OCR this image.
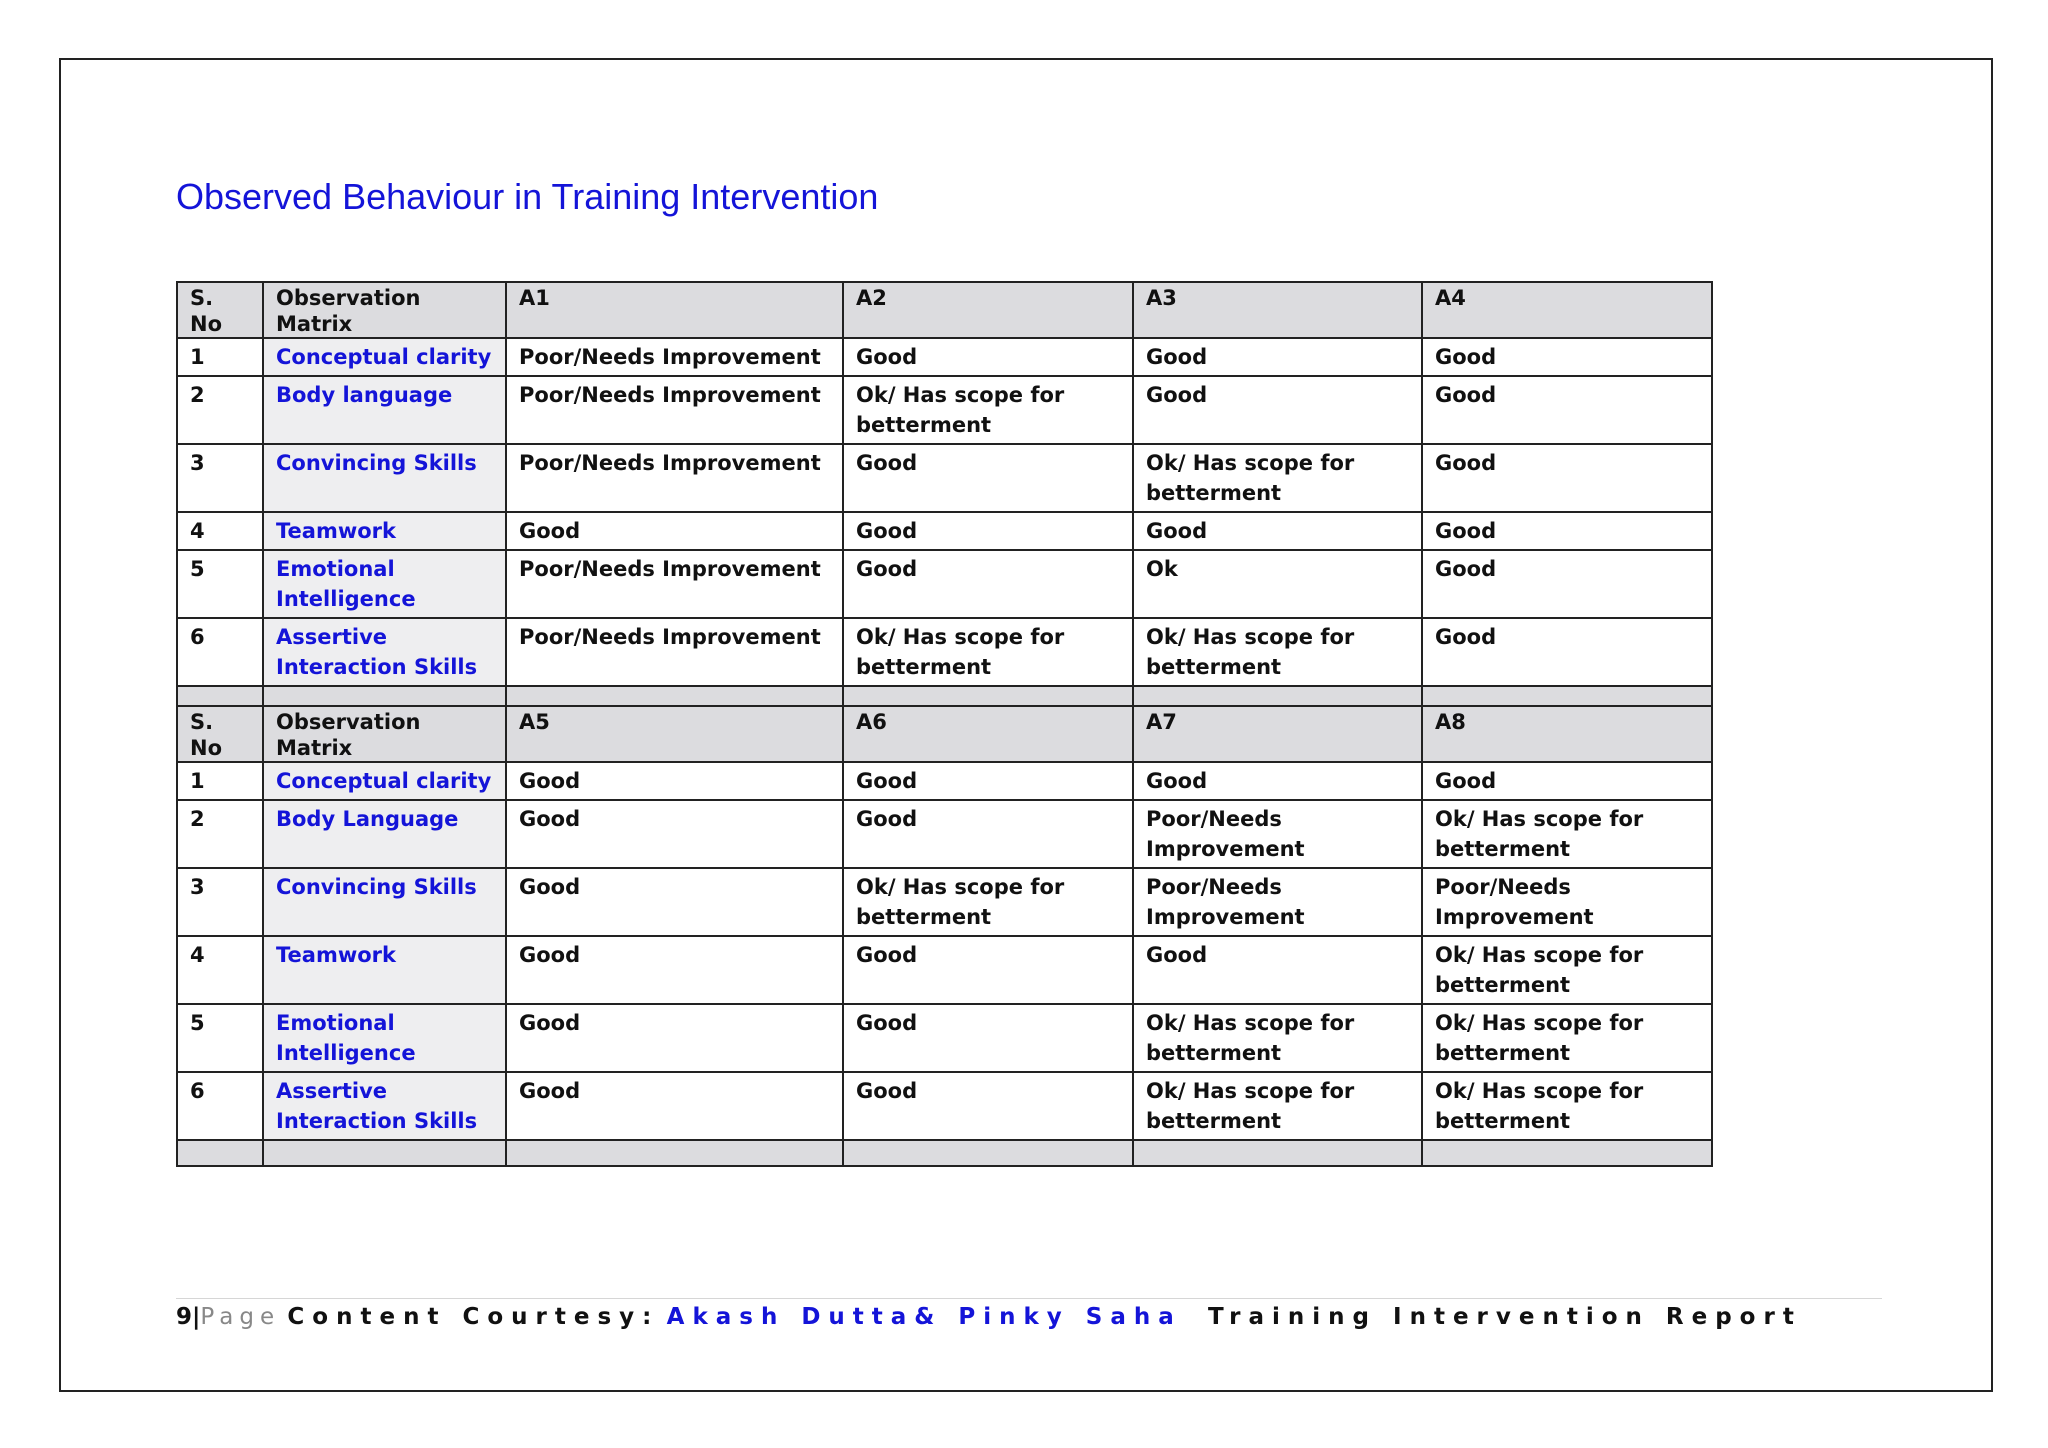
Observed Behaviour in Training Intervention
S. No	Observation Matrix	A1	A2	A3	A4
1	Conceptual clarity	Poor/Needs Improvement	Good	Good	Good
2	Body language	Poor/Needs Improvement	Ok/ Has scope for betterment	Good	Good
3	Convincing Skills	Poor/Needs Improvement	Good	Ok/ Has scope for betterment	Good
4	Teamwork	Good	Good	Good	Good
5	Emotional Intelligence	Poor/Needs Improvement	Good	Ok	Good
6	Assertive Interaction Skills	Poor/Needs Improvement	Ok/ Has scope for betterment	Ok/ Has scope for betterment	Good

S. No	Observation Matrix	A5	A6	A7	A8
1	Conceptual clarity	Good	Good	Good	Good
2	Body Language	Good	Good	Poor/Needs Improvement	Ok/ Has scope for betterment
3	Convincing Skills	Good	Ok/ Has scope for betterment	Poor/Needs Improvement	Poor/Needs Improvement
4	Teamwork	Good	Good	Good	Ok/ Has scope for betterment
5	Emotional Intelligence	Good	Good	Ok/ Has scope for betterment	Ok/ Has scope for betterment
6	Assertive Interaction Skills	Good	Good	Ok/ Has scope for betterment	Ok/ Has scope for betterment

9|Page Content Courtesy: Akash Dutta& Pinky Saha Training Intervention Report
